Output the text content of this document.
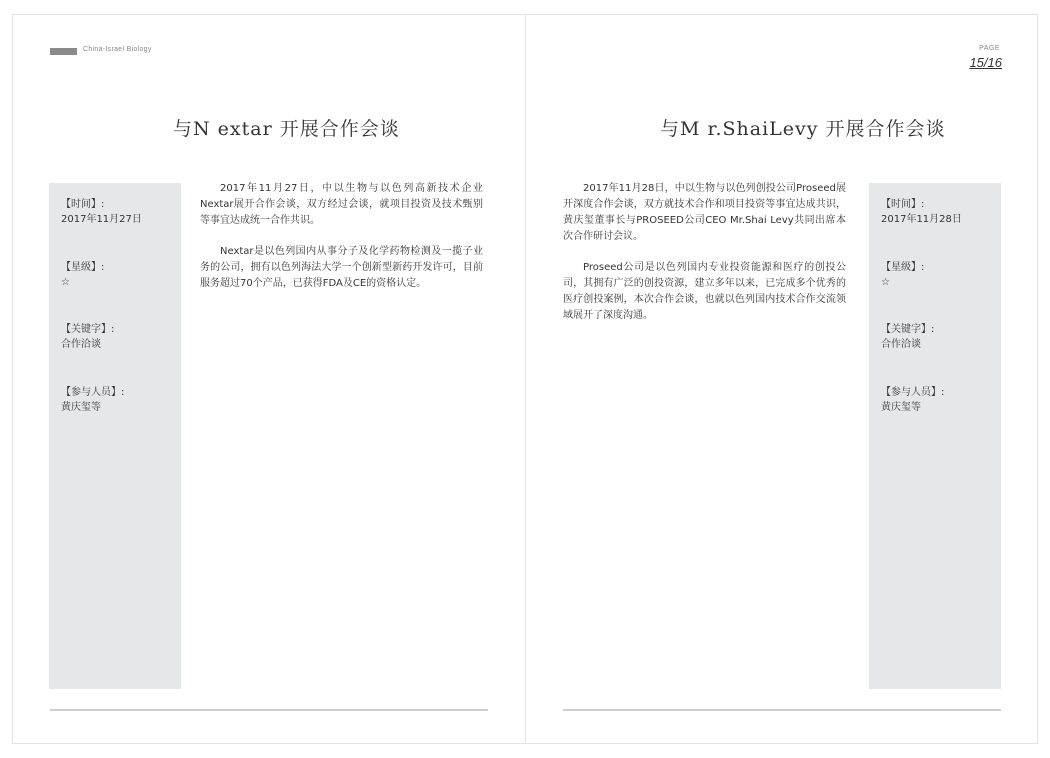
China-Israel Biology	PAGE
15/16
与N extar 开展合作会谈
【时间】:
2017年11月27日
【星级】:
☆
【关键字】:
合作洽谈
【参与人员】:
黄庆玺等

2017年11月27日，中以生物与以色列高新技术企业Nextar展开合作会谈，双方经过会谈，就项目投资及技术甄别等事宜达成统一合作共识。

Nextar是以色列国内从事分子及化学药物检测及一揽子业务的公司，拥有以色列海法大学一个创新型新药开发许可，目前服务超过70个产品，已获得FDA及CE的资格认定。

与M r.ShaiLevy 开展合作会谈

2017年11月28日，中以生物与以色列创投公司Proseed展开深度合作会谈，双方就技术合作和项目投资等事宜达成共识，黄庆玺董事长与PROSEED公司CEO Mr.Shai Levy共同出席本次合作研讨会议。

Proseed公司是以色列国内专业投资能源和医疗的创投公司，其拥有广泛的创投资源，建立多年以来，已完成多个优秀的医疗创投案例，本次合作会谈，也就以色列国内技术合作交流领域展开了深度沟通。

【时间】:
2017年11月28日
【星级】:
☆
【关键字】:
合作洽谈
【参与人员】:
黄庆玺等
